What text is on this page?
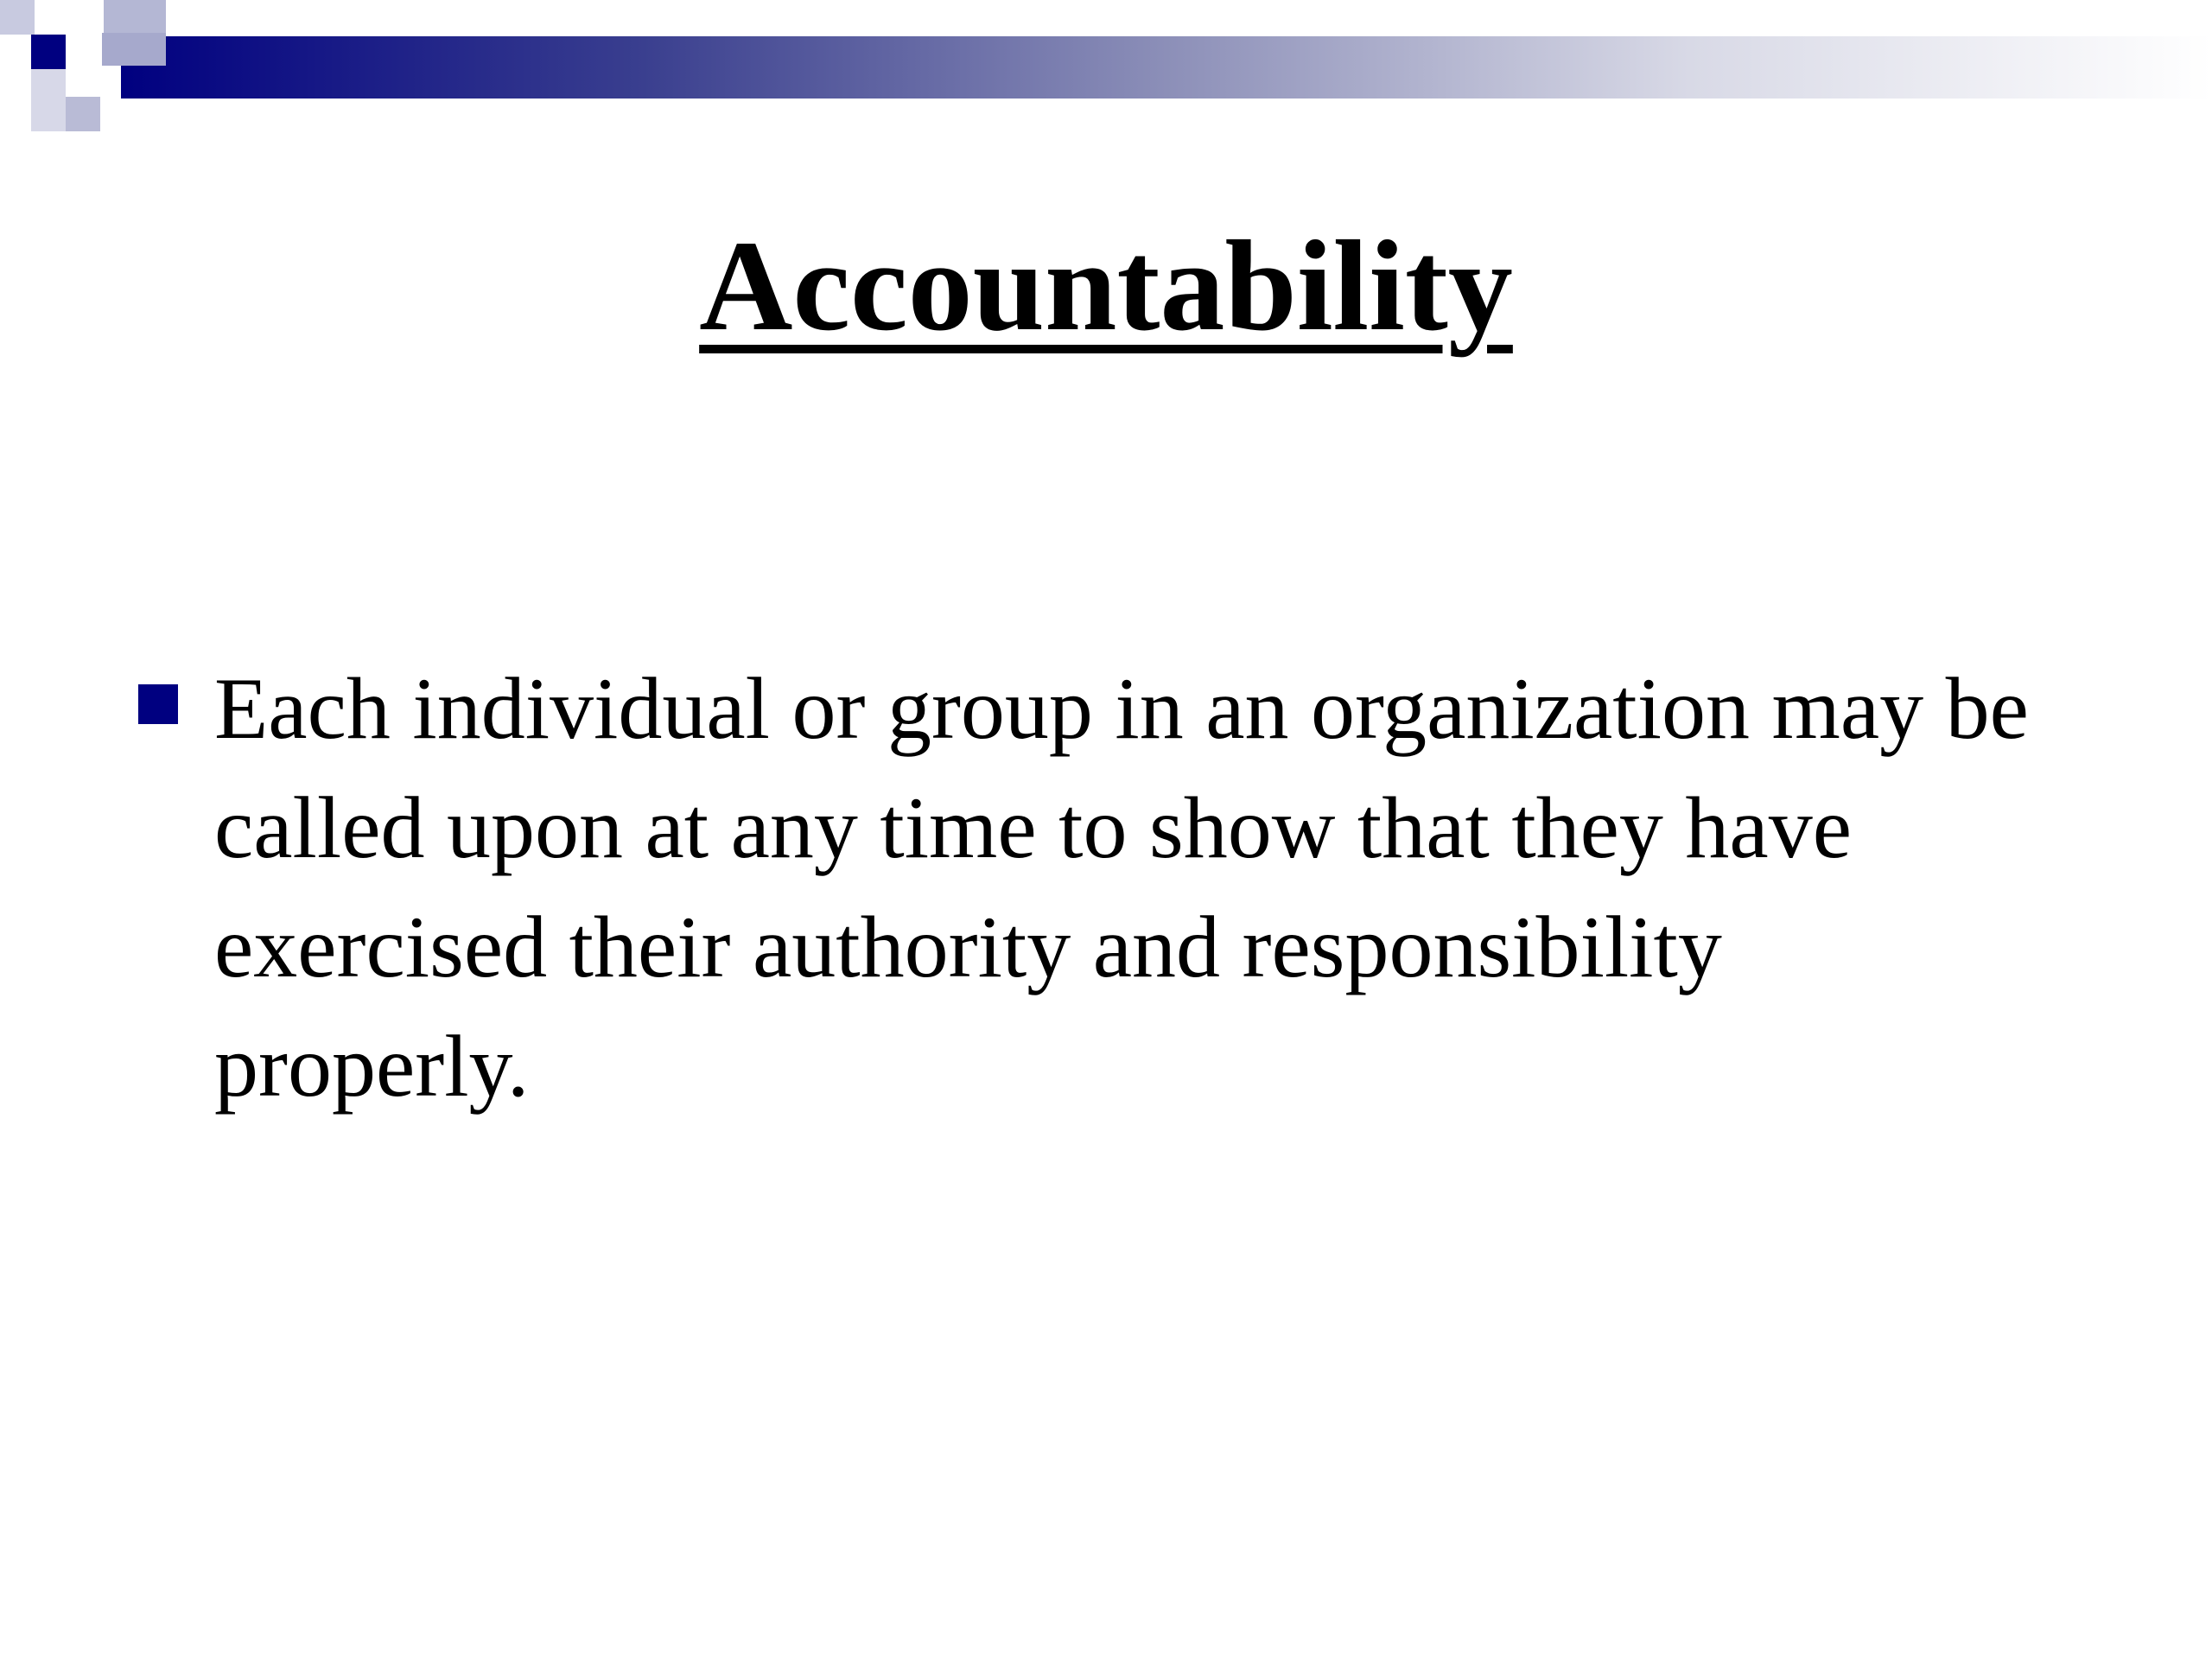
Accountability
Each individual or group in an organization may be called upon at any time to show that they have exercised their authority and responsibility properly.
